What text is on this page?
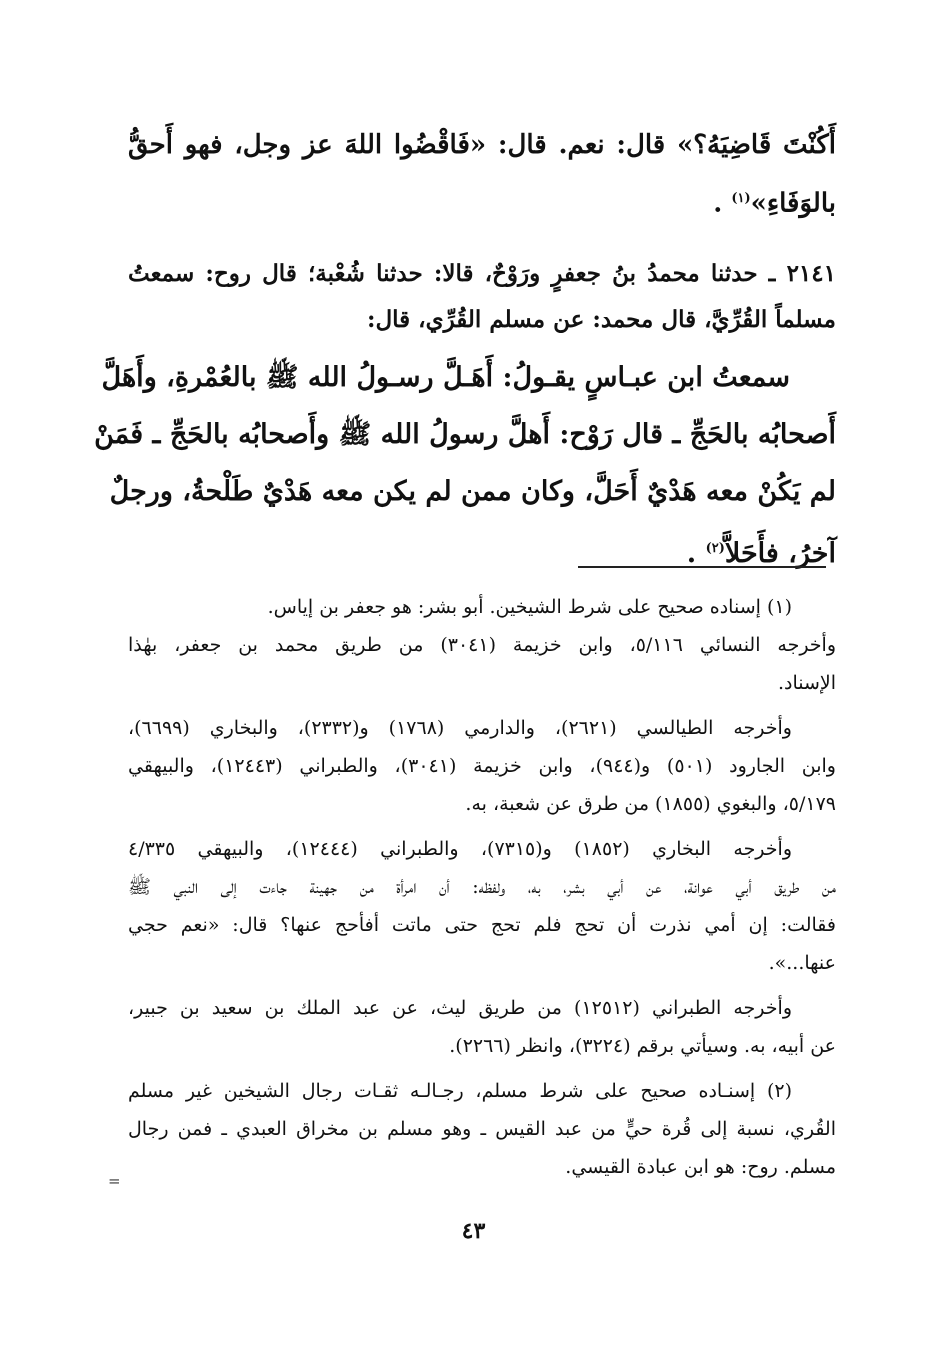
أَكُنْتَ قَاضِيَهُ؟» قال: نعم. قال: «فَاقْضُوا اللهَ عز وجل، فهو أَحقُّ
بالوَفَاءِ»$^{(١)}$ .

٢١٤١ ـ حدثنا محمدُ بنُ جعفرٍ ورَوْحٌ، قالا: حدثنا شُعْبة؛ قال روح: سمعتُ
مسلماً القُرِّيَّ، قال محمد: عن مسلم القُرِّي، قال:

سمعتُ ابن عبـاسٍ يقـولُ: أَهَـلَّ رسـولُ الله ﷺ بالعُمْرةِ، وأَهَلَّ
أَصحابُه بالحَجِّ ـ قال رَوْح: أَهلَّ رسولُ الله ﷺ وأَصحابُه بالحَجِّ ـ فَمَنْ
لم يَكُنْ معه هَدْيٌ أَحَلَّ، وكان ممن لم يكن معه هَدْيٌ طَلْحةُ، ورجلٌ
آخرُ، فأَحَلاَّ$^{(٢)}$ .

(١) إسناده صحيح على شرط الشيخين. أبو بشر: هو جعفر بن إياس.
وأخرجه النسائي ٥/١١٦، وابن خزيمة (٣٠٤١) من طريق محمد بن جعفر، بهٰذا
الإسناد.

وأخرجه الطيالسي (٢٦٢١)، والدارمي (١٧٦٨) و(٢٣٣٢)، والبخاري (٦٦٩٩)،
وابن الجارود (٥٠١) و(٩٤٤)، وابن خزيمة (٣٠٤١)، والطبراني (١٢٤٤٣)، والبيهقي
٥/١٧٩، والبغوي (١٨٥٥) من طرق عن شعبة، به.

وأخرجه البخاري (١٨٥٢) و(٧٣١٥)، والطبراني (١٢٤٤٤)، والبيهقي ٤/٣٣٥
من طريق أبي عوانة، عن أبي بشر، به، ولفظه: أن امرأة من جهينة جاءت إلى النبي ﷺ
فقالت: إن أمي نذرت أن تحج فلم تحج حتى ماتت أفأحج عنها؟ قال: «نعم حجي
عنها...».

وأخرجه الطبراني (١٢٥١٢) من طريق ليث، عن عبد الملك بن سعيد بن جبير،
عن أبيه، به. وسيأتي برقم (٣٢٢٤)، وانظر (٢٢٦٦).

(٢) إسنـاده صحيح على شرط مسلم، رجـالـه ثقـات رجال الشيخين غير مسلم
القُري، نسبة إلى قُرة حيٍّ من عبد القيس ـ وهو مسلم بن مخراق العبدي ـ فمن رجال
مسلم. روح: هو ابن عبادة القيسي.

=
٤٣
